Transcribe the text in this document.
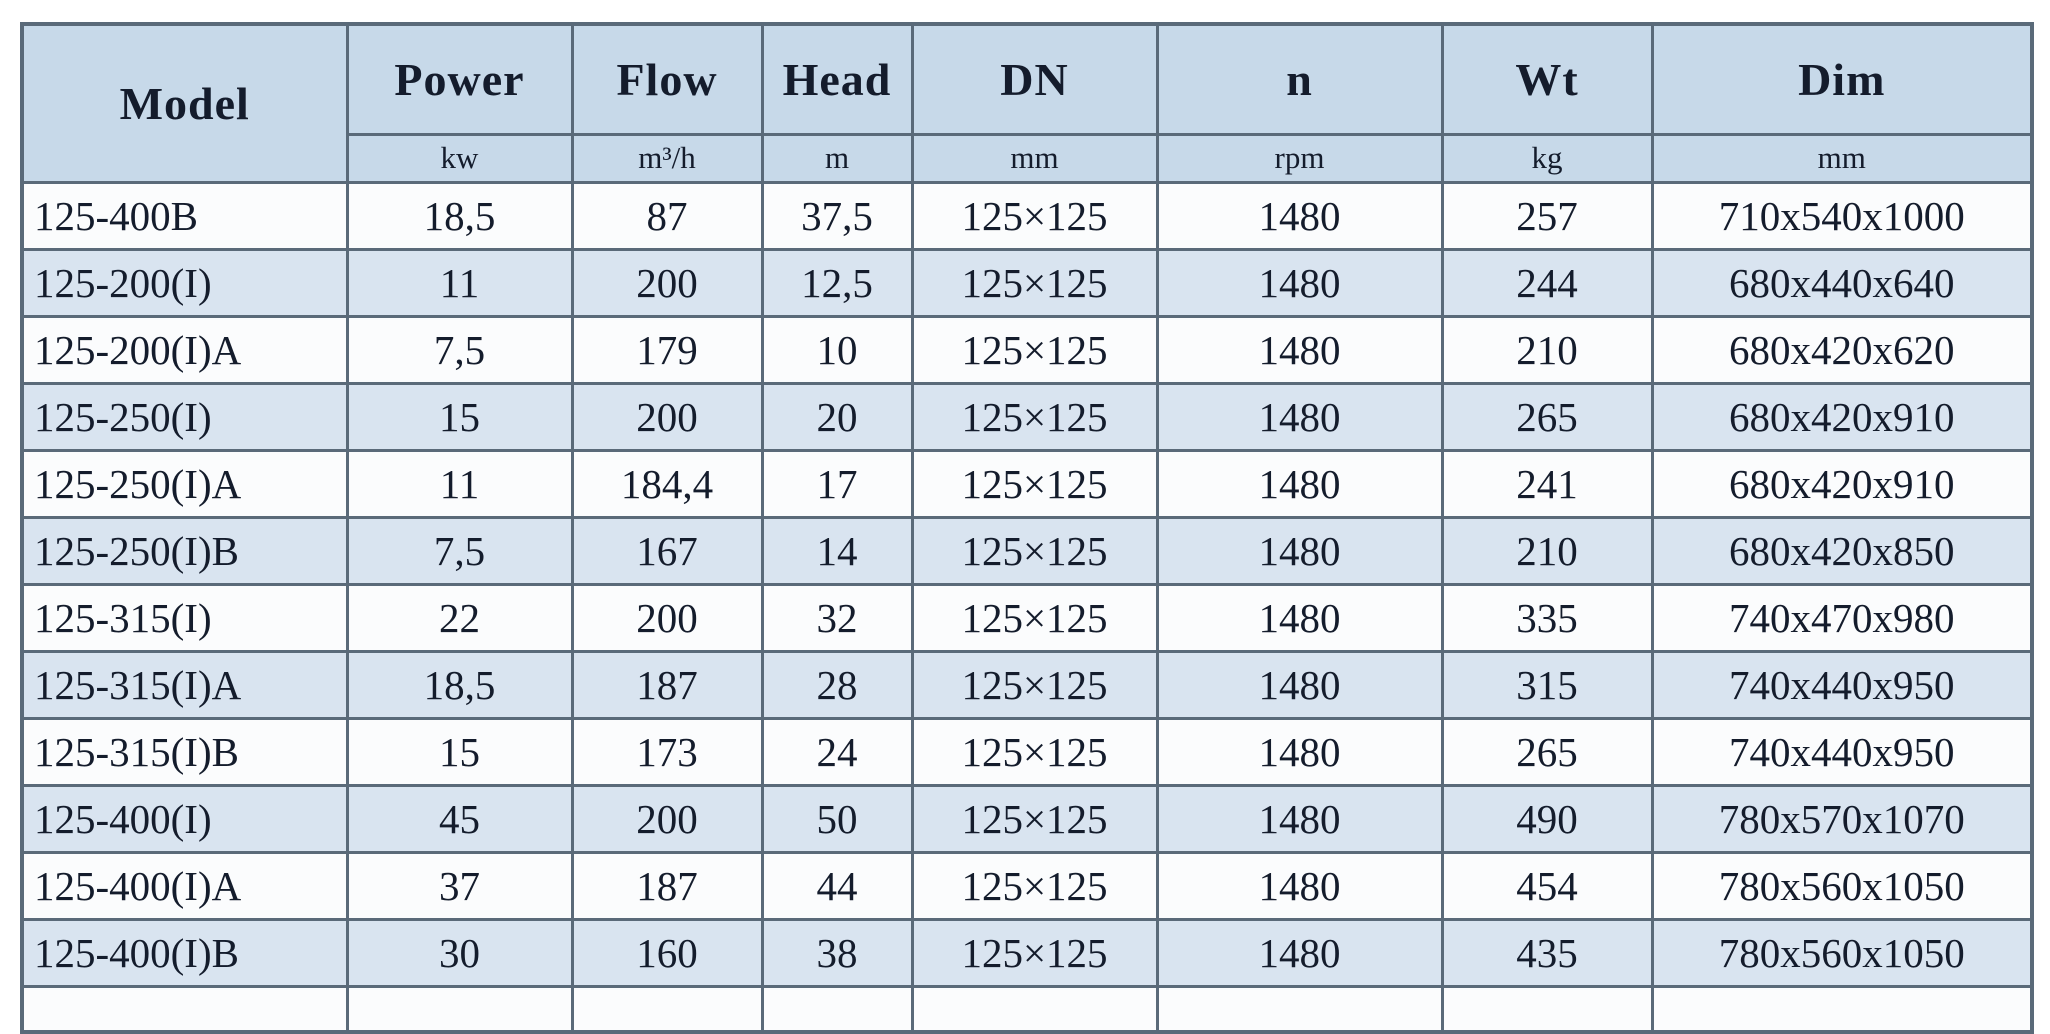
Model	Power	Flow	Head	DN	n	Wt	Dim
	kw	m³/h	m	mm	rpm	kg	mm
125-400B	18,5	87	37,5	125×125	1480	257	710x540x1000
125-200(I)	11	200	12,5	125×125	1480	244	680x440x640
125-200(I)A	7,5	179	10	125×125	1480	210	680x420x620
125-250(I)	15	200	20	125×125	1480	265	680x420x910
125-250(I)A	11	184,4	17	125×125	1480	241	680x420x910
125-250(I)B	7,5	167	14	125×125	1480	210	680x420x850
125-315(I)	22	200	32	125×125	1480	335	740x470x980
125-315(I)A	18,5	187	28	125×125	1480	315	740x440x950
125-315(I)B	15	173	24	125×125	1480	265	740x440x950
125-400(I)	45	200	50	125×125	1480	490	780x570x1070
125-400(I)A	37	187	44	125×125	1480	454	780x560x1050
125-400(I)B	30	160	38	125×125	1480	435	780x560x1050
